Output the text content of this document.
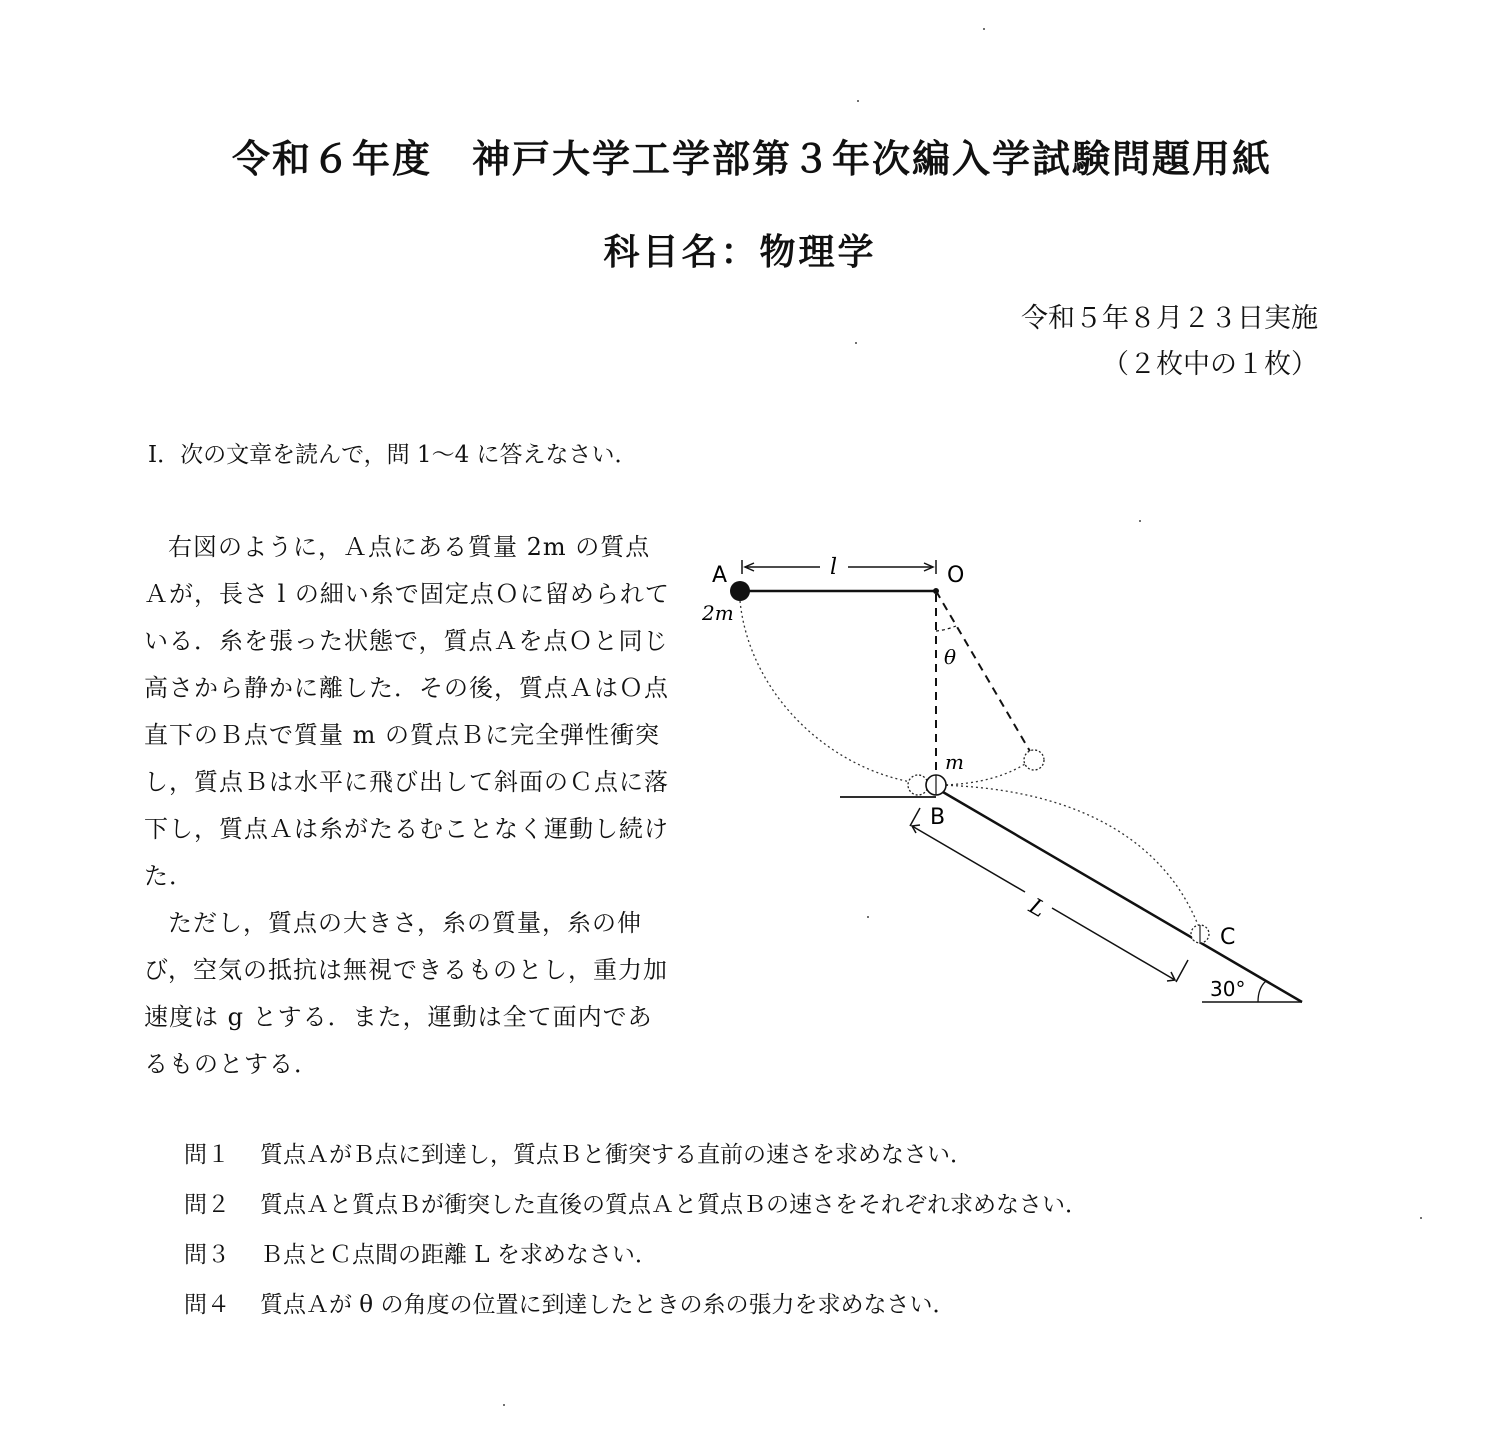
令和６年度　神戸大学工学部第３年次編入学試験問題用紙
科目名：物理学
令和５年８月２３日実施
（２枚中の１枚）
Ⅰ．次の文章を読んで，問 1〜4 に答えなさい．

右図のように，Ａ点にある質量 2m の質点Ａが，長さ l の細い糸で固定点Ｏに留められている．糸を張った状態で，質点Ａを点Ｏと同じ高さから静かに離した．その後，質点ＡはＯ点直下のＢ点で質量 m の質点Ｂに完全弾性衝突し，質点Ｂは水平に飛び出して斜面のＣ点に落下し，質点Ａは糸がたるむことなく運動し続けた．

ただし，質点の大きさ，糸の質量，糸の伸び，空気の抵抗は無視できるものとし，重力加速度は g とする．また，運動は全て面内であるものとする．

A	O
l
2m
θ
m
B
C
L
30°
問１	質点ＡがＢ点に到達し，質点Ｂと衝突する直前の速さを求めなさい．
問２	質点Ａと質点Ｂが衝突した直後の質点Ａと質点Ｂの速さをそれぞれ求めなさい．
問３	Ｂ点とＣ点間の距離 L を求めなさい．
問４	質点Ａが θ の角度の位置に到達したときの糸の張力を求めなさい．
